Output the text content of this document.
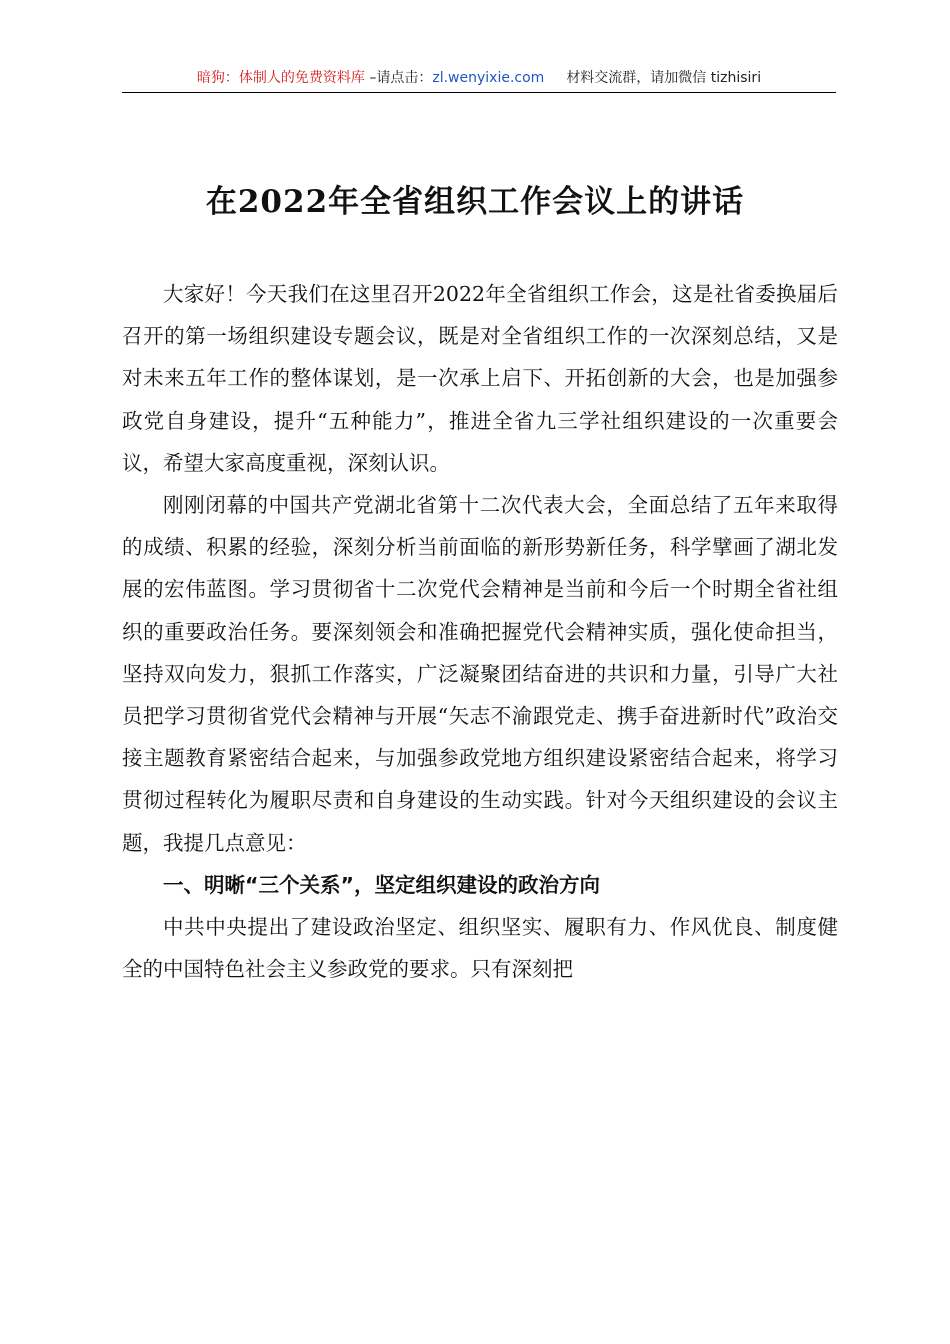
暗狗：体制人的免费资料库 –请点击：zl.wenyixie.com 材料交流群，请加微信 tizhisiri
在2022年全省组织工作会议上的讲话

大家好！今天我们在这里召开2022年全省组织工作会，这是社省委换届后召开的第一场组织建设专题会议，既是对全省组织工作的一次深刻总结，又是对未来五年工作的整体谋划，是一次承上启下、开拓创新的大会，也是加强参政党自身建设，提升“五种能力”，推进全省九三学社组织建设的一次重要会议，希望大家高度重视，深刻认识。

刚刚闭幕的中国共产党湖北省第十二次代表大会，全面总结了五年来取得的成绩、积累的经验，深刻分析当前面临的新形势新任务，科学擘画了湖北发展的宏伟蓝图。学习贯彻省十二次党代会精神是当前和今后一个时期全省社组织的重要政治任务。要深刻领会和准确把握党代会精神实质，强化使命担当，坚持双向发力，狠抓工作落实，广泛凝聚团结奋进的共识和力量，引导广大社员把学习贯彻省党代会精神与开展“矢志不渝跟党走、携手奋进新时代”政治交接主题教育紧密结合起来，与加强参政党地方组织建设紧密结合起来，将学习贯彻过程转化为履职尽责和自身建设的生动实践。针对今天组织建设的会议主题，我提几点意见：

一、明晰“三个关系”，坚定组织建设的政治方向

中共中央提出了建设政治坚定、组织坚实、履职有力、作风优良、制度健全的中国特色社会主义参政党的要求。只有深刻把
